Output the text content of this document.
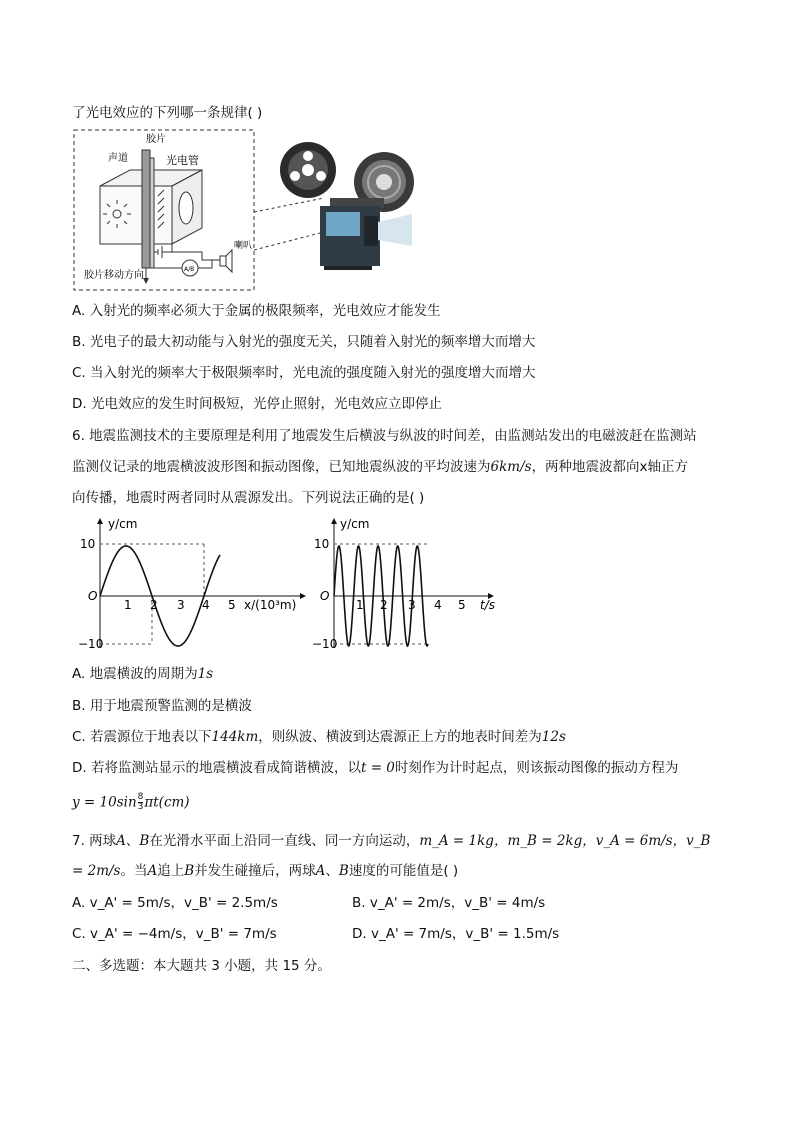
了光电效应的下列哪一条规律( )
A/B
胶片
声道	光电管
喇叭
胶片移动方向
A. 入射光的频率必须大于金属的极限频率，光电效应才能发生
B. 光电子的最大初动能与入射光的强度无关，只随着入射光的频率增大而增大
C. 当入射光的频率大于极限频率时，光电流的强度随入射光的强度增大而增大
D. 光电效应的发生时间极短，光停止照射，光电效应立即停止
6. 地震监测技术的主要原理是利用了地震发生后横波与纵波的时间差，由监测站发出的电磁波赶在监测站
监测仪记录的地震横波波形图和振动图像，已知地震纵波的平均波速为6km/s，两种地震波都向x轴正方
向传播，地震时两者同时从震源发出。下列说法正确的是( )
y/cm
x/(10³m)
O
10
−10
1 2 3 4 5
y/cm
t/s
O
10
−10
1 2 3 4 5
A. 地震横波的周期为1s
B. 用于地震预警监测的是横波
C. 若震源位于地表以下144km，则纵波、横波到达震源正上方的地表时间差为12s
D. 若将监测站显示的地震横波看成简谐横波，以t = 0时刻作为计时起点，则该振动图像的振动方程为
$y = 10\sin \frac{8}{3} \pi t(cm)$
7. 两球A、B在光滑水平面上沿同一直线、同一方向运动，m_A = 1kg，m_B = 2kg，v_A = 6m/s，v_B
= 2m/s。当A追上B并发生碰撞后，两球A、B速度的可能值是( )
A. v_A' = 5m/s，v_B' = 2.5m/s	B. v_A' = 2m/s，v_B' = 4m/s
C. v_A' = −4m/s，v_B' = 7m/s	D. v_A' = 7m/s，v_B' = 1.5m/s
二、多选题：本大题共 3 小题，共 15 分。
